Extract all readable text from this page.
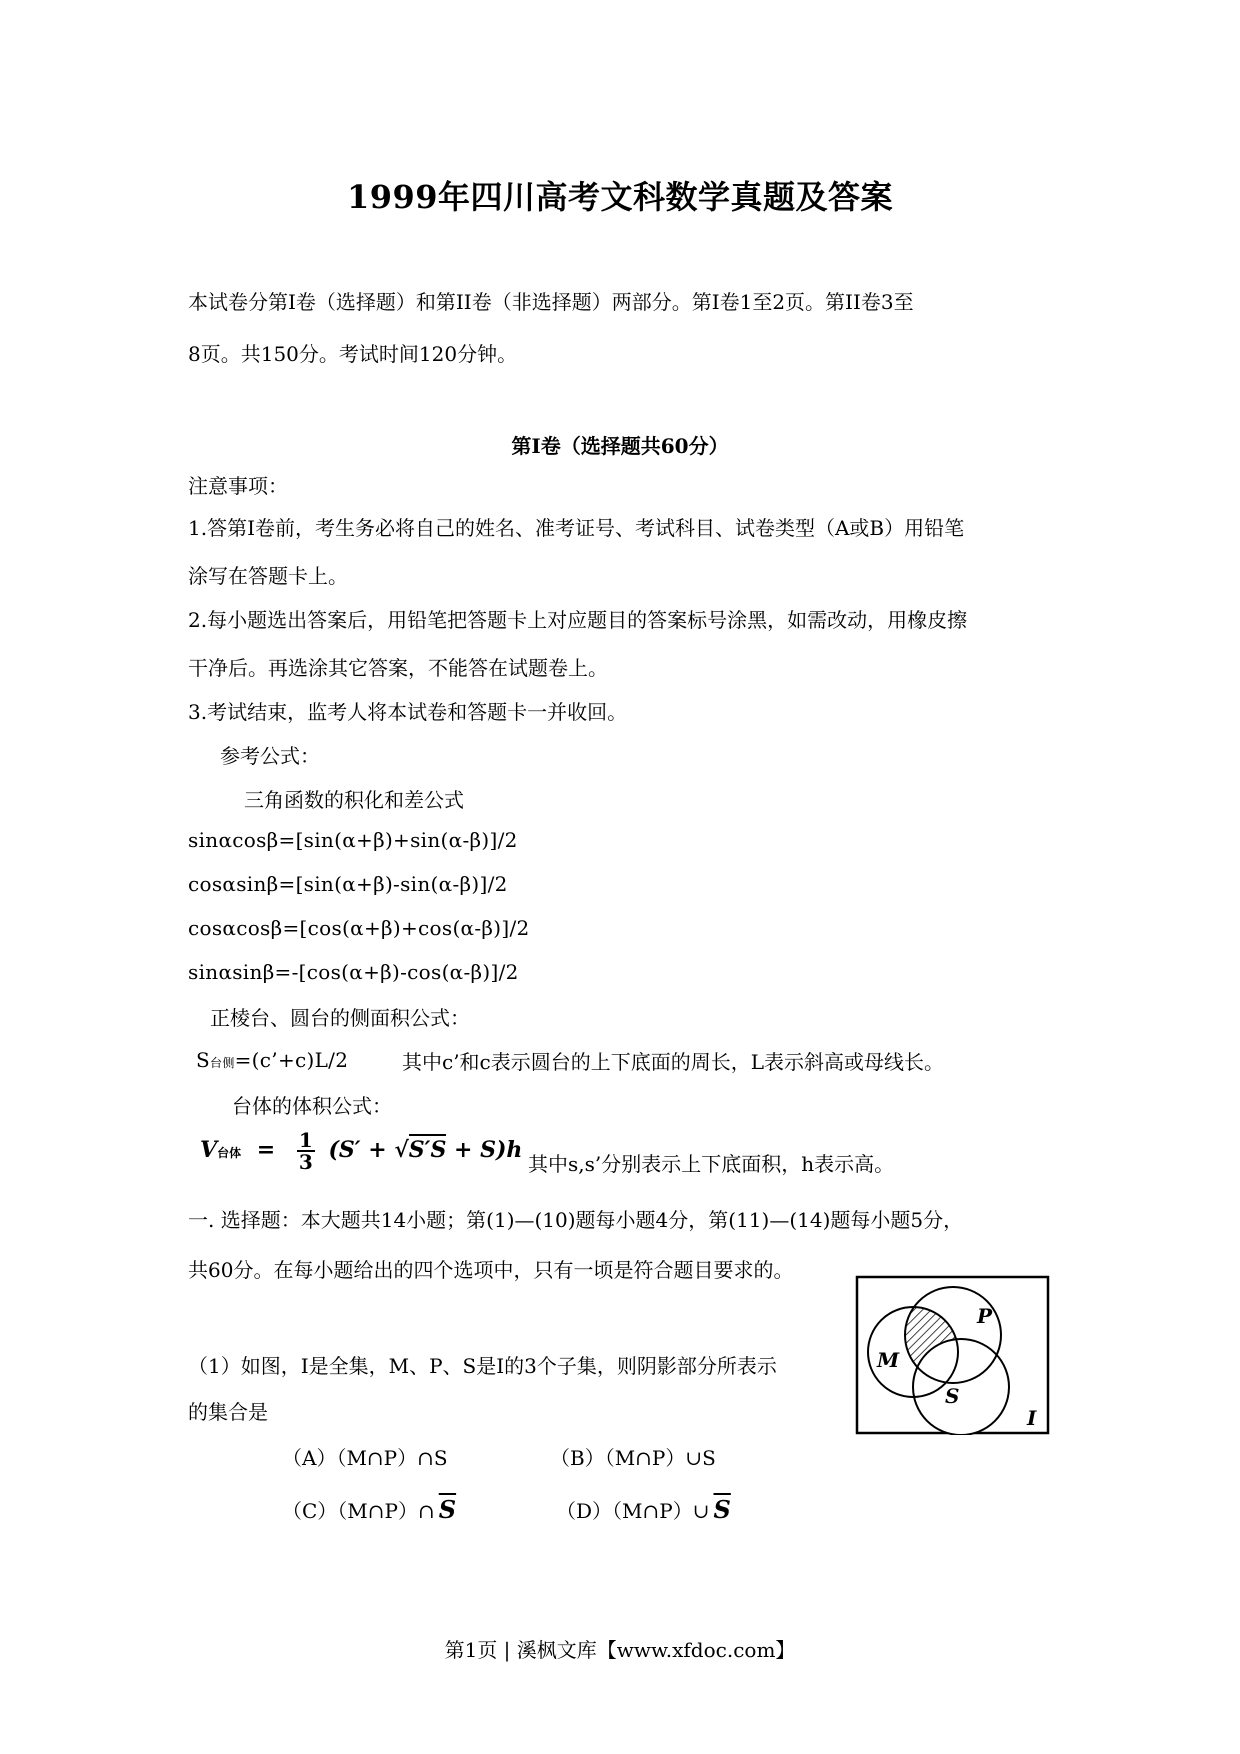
1999年四川高考文科数学真题及答案
本试卷分第Ⅰ卷（选择题）和第II卷（非选择题）两部分。第Ⅰ卷1至2页。第II卷3至
8页。共150分。考试时间120分钟。
第Ⅰ卷（选择题共60分）
注意事项：
1.答第Ⅰ卷前，考生务必将自己的姓名、准考证号、考试科目、试卷类型（A或B）用铅笔
涂写在答题卡上。
2.每小题选出答案后，用铅笔把答题卡上对应题目的答案标号涂黑，如需改动，用橡皮擦
干净后。再选涂其它答案，不能答在试题卷上。
3.考试结束，监考人将本试卷和答题卡一并收回。
参考公式：
三角函数的积化和差公式
sinαcosβ=[sin(α+β)+sin(α-β)]/2
cosαsinβ=[sin(α+β)-sin(α-β)]/2
cosαcosβ=[cos(α+β)+cos(α-β)]/2
sinαsinβ=-[cos(α+β)-cos(α-β)]/2
正棱台、圆台的侧面积公式：
S台侧=(c’+c)L/2	其中c’和c表示圆台的上下底面的周长，L表示斜高或母线长。
台体的体积公式：
V台体 = $\frac{1}{3} (S' + √S'S + S)h$
其中s,s’分别表示上下底面积，h表示高。
一. 选择题：本大题共14小题；第(1)—(10)题每小题4分，第(11)—(14)题每小题5分，
共60分。在每小题给出的四个选项中，只有一顷是符合题目要求的。
M
P
S
I
（1）如图，I是全集，M、P、S是I的3个子集，则阴影部分所表示
的集合是
（A）（M∩P）∩S	（B）（M∩P）∪S
（C）（M∩P）∩ $\overline{S}$	（D）（M∩P）∪ $\overline{S}$
第1页 | 溪枫文库【www.xfdoc.com】
